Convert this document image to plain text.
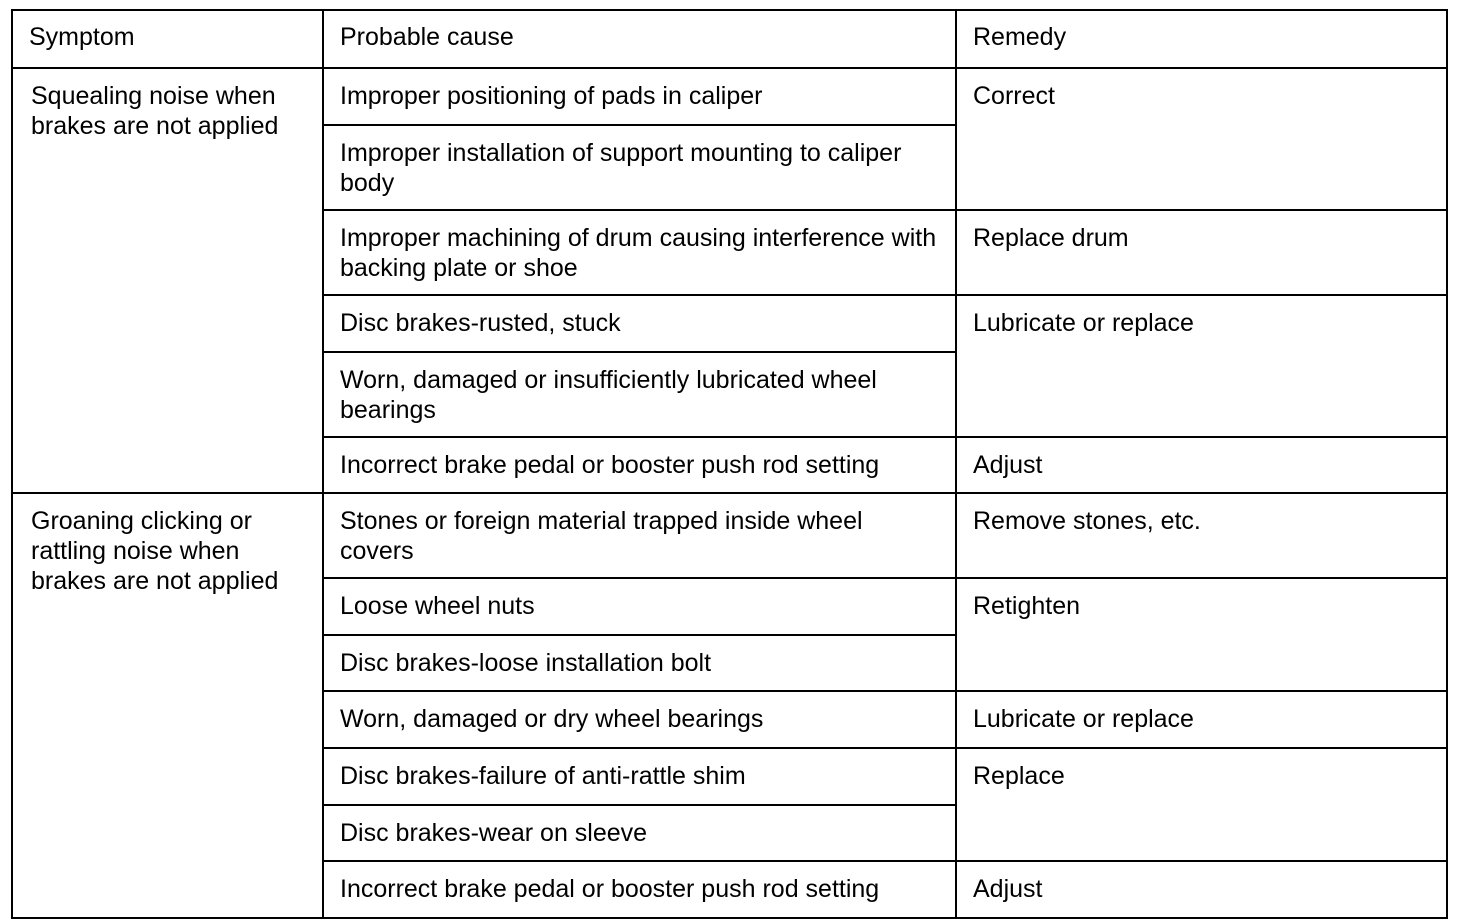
Symptom	Probable cause	Remedy
Squealing noise when brakes are not applied	Improper positioning of pads in caliper	Correct
	Improper installation of support mounting to caliper body	
	Improper machining of drum causing interference with backing plate or shoe	Replace drum
	Disc brakes-rusted, stuck	Lubricate or replace
	Worn, damaged or insufficiently lubricated wheel bearings	
	Incorrect brake pedal or booster push rod setting	Adjust
Groaning clicking or rattling noise when brakes are not applied	Stones or foreign material trapped inside wheel covers	Remove stones, etc.
	Loose wheel nuts	Retighten
	Disc brakes-loose installation bolt	
	Worn, damaged or dry wheel bearings	Lubricate or replace
	Disc brakes-failure of anti-rattle shim	Replace
	Disc brakes-wear on sleeve	
	Incorrect brake pedal or booster push rod setting	Adjust
